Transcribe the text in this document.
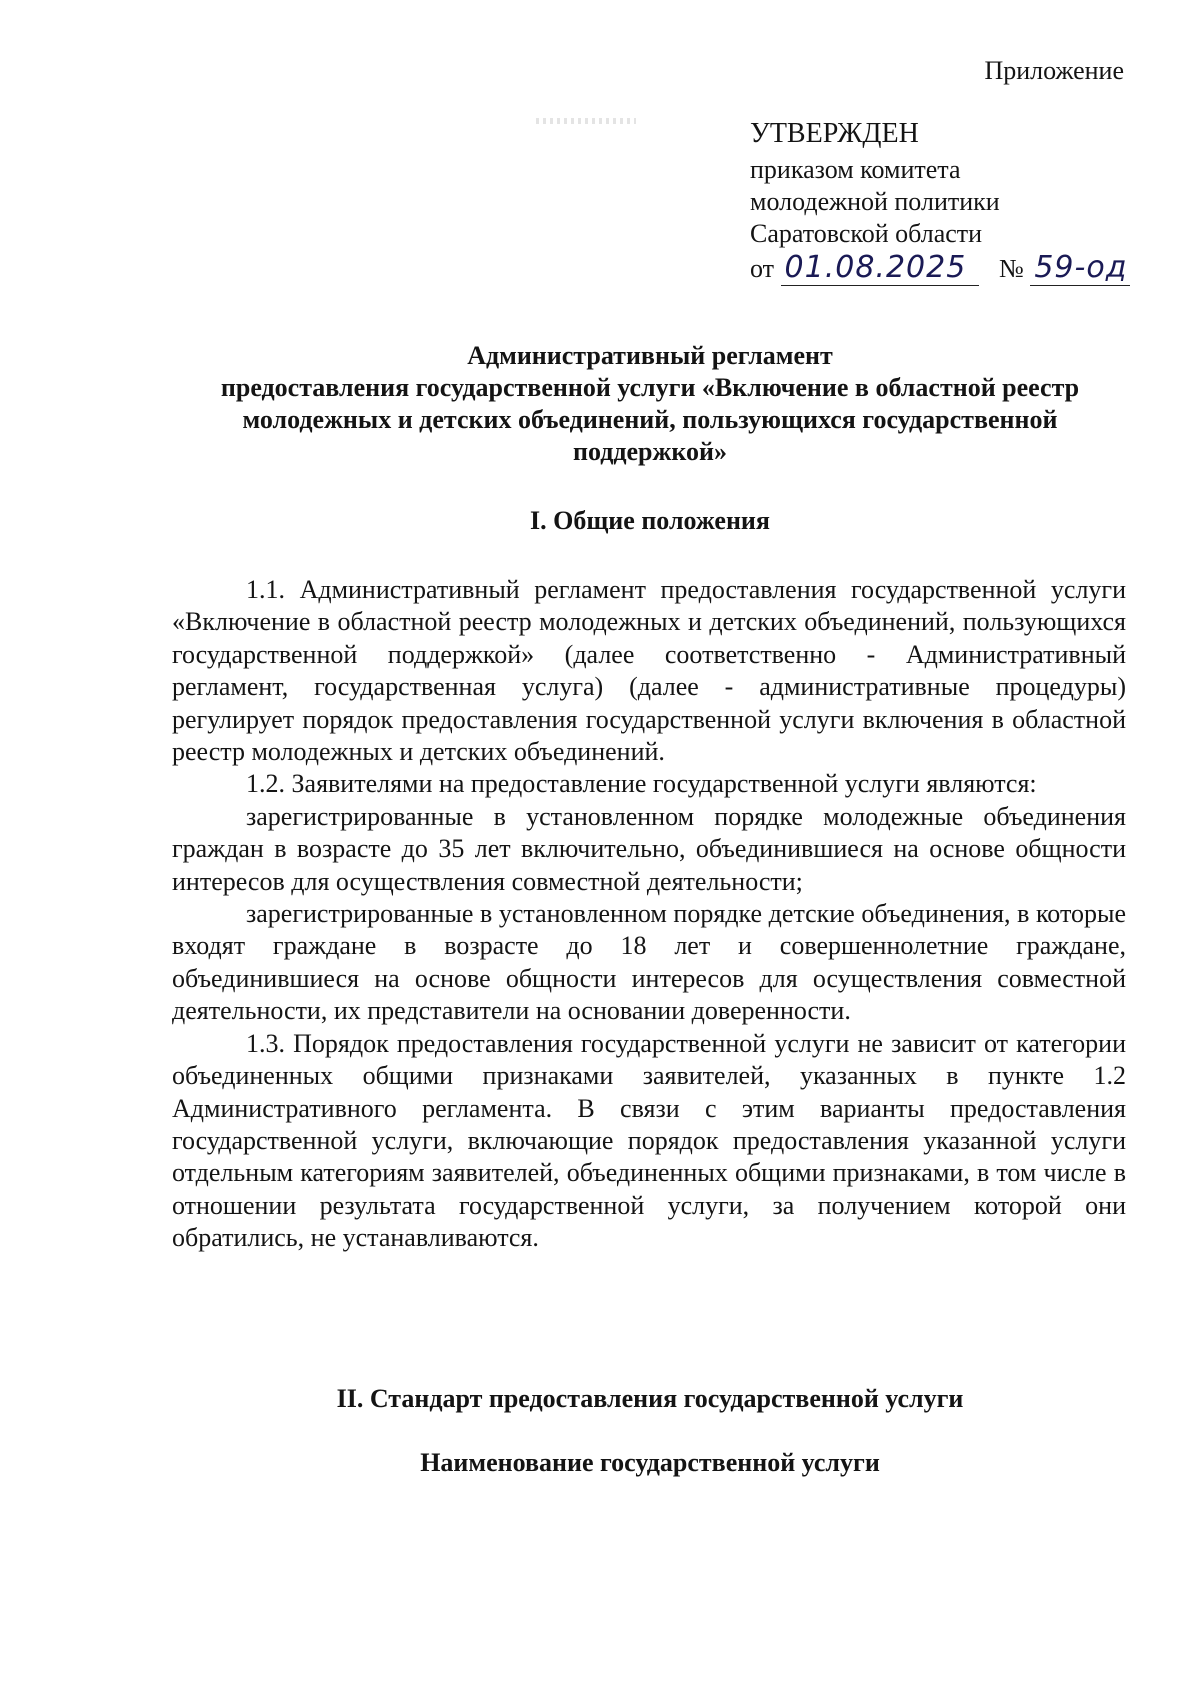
Приложение
УТВЕРЖДЕН
приказом комитета
молодежной политики
Саратовской области
от 01.08.2025 № 59-од
Административный регламент
предоставления государственной услуги «Включение в областной реестр молодежных и детских объединений, пользующихся государственной поддержкой»
I. Общие положения

1.1. Административный регламент предоставления государственной услуги «Включение в областной реестр молодежных и детских объединений, пользующихся государственной поддержкой» (далее соответственно - Административный регламент, государственная услуга) (далее - административные процедуры) регулирует порядок предоставления государственной услуги включения в областной реестр молодежных и детских объединений.

1.2. Заявителями на предоставление государственной услуги являются:

зарегистрированные в установленном порядке молодежные объединения граждан в возрасте до 35 лет включительно, объединившиеся на основе общности интересов для осуществления совместной деятельности;

зарегистрированные в установленном порядке детские объединения, в которые входят граждане в возрасте до 18 лет и совершеннолетние граждане, объединившиеся на основе общности интересов для осуществления совместной деятельности, их представители на основании доверенности.

1.3. Порядок предоставления государственной услуги не зависит от категории объединенных общими признаками заявителей, указанных в пункте 1.2 Административного регламента. В связи с этим варианты предоставления государственной услуги, включающие порядок предоставления указанной услуги отдельным категориям заявителей, объединенных общими признаками, в том числе в отношении результата государственной услуги, за получением которой они обратились, не устанавливаются.

II. Стандарт предоставления государственной услуги
Наименование государственной услуги
